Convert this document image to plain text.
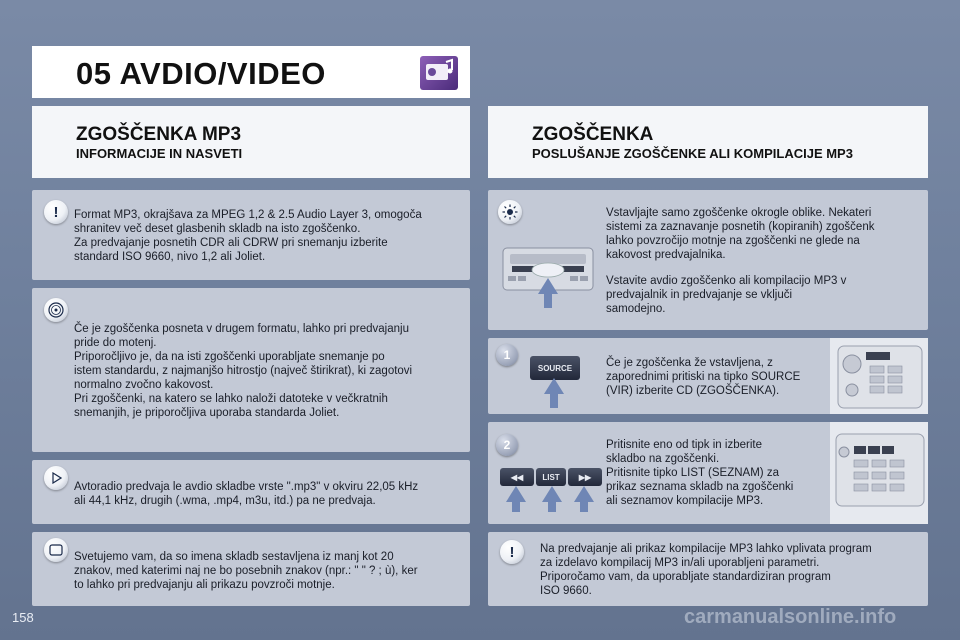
05 AVDIO/VIDEO
ZGOŠČENKA MP3
INFORMACIJE IN NASVETI
ZGOŠČENKA
POSLUŠANJE ZGOŠČENKE ALI KOMPILACIJE MP3
!	Format MP3, okrajšava za MPEG 1,2 & 2.5 Audio Layer 3, omogoča
shranitev več deset glasbenih skladb na isto zgoščenko.
Za predvajanje posnetih CDR ali CDRW pri snemanju izberite
standard ISO 9660, nivo 1,2 ali Joliet.
Če je zgoščenka posneta v drugem formatu, lahko pri predvajanju
pride do motenj.
Priporočljivo je, da na isti zgoščenki uporabljate snemanje po
istem standardu, z najmanjšo hitrostjo (največ štirikrat), ki zagotovi
normalno zvočno kakovost.
Pri zgoščenki, na katero se lahko naloži datoteke v večkratnih
snemanjih, je priporočljiva uporaba standarda Joliet.
Avtoradio predvaja le avdio skladbe vrste ".mp3" v okviru 22,05 kHz
ali 44,1 kHz, drugih (.wma, .mp4, m3u, itd.) pa ne predvaja.
Svetujemo vam, da so imena skladb sestavljena iz manj kot 20
znakov, med katerimi naj ne bo posebnih znakov (npr.: " " ? ; ù), ker
to lahko pri predvajanju ali prikazu povzroči motnje.
Vstavljajte samo zgoščenke okrogle oblike. Nekateri
sistemi za zaznavanje posnetih (kopiranih) zgoščenk
lahko povzročijo motnje na zgoščenki ne glede na
kakovost predvajalnika.
Vstavite avdio zgoščenko ali kompilacijo MP3 v
predvajalnik in predvajanje se vključi
samodejno.
1
SOURCE	Če je zgoščenka že vstavljena, z
zaporednimi pritiski na tipko SOURCE
(VIR) izberite CD (ZGOŠČENKA).
2
◀◀	LIST	▶▶
Pritisnite eno od tipk in izberite
skladbo na zgoščenki.
Pritisnite tipko LIST (SEZNAM) za
prikaz seznama skladb na zgoščenki
ali seznamov kompilacije MP3.
!	Na predvajanje ali prikaz kompilacije MP3 lahko vplivata program
za izdelavo kompilacij MP3 in/ali uporabljeni parametri.
Priporočamo vam, da uporabljate standardiziran program
ISO 9660.
158	carmanualsonline.info
